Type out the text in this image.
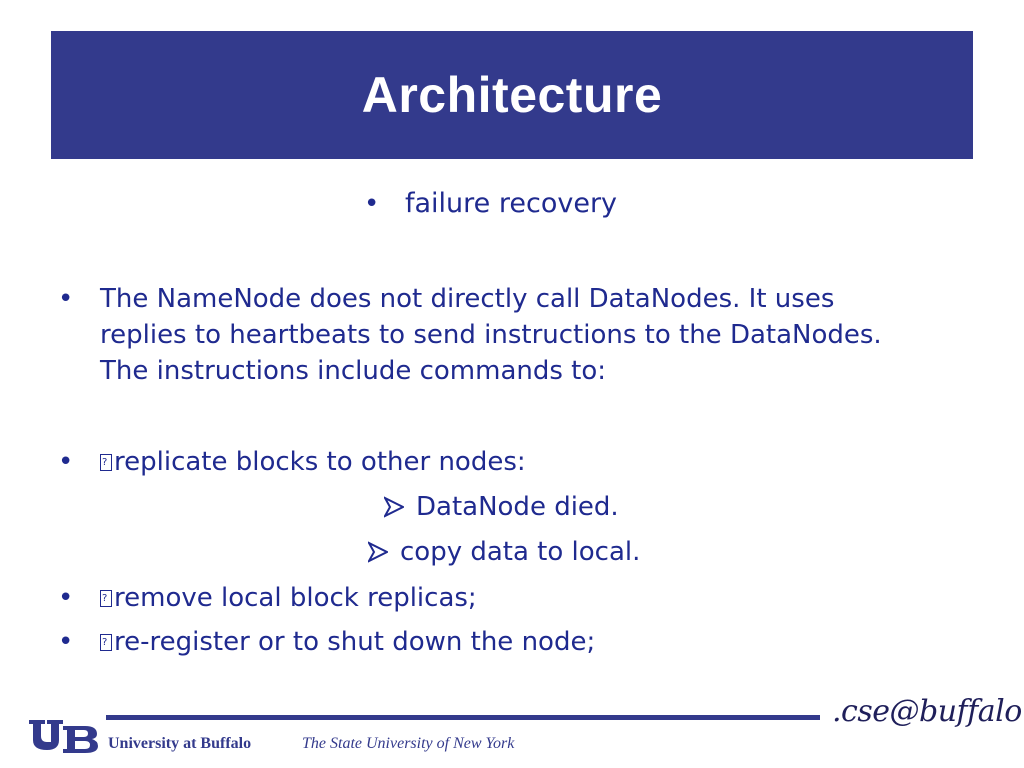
Architecture
• failure recovery
• The NameNode does not directly call DataNodes. It uses
replies to heartbeats to send instructions to the DataNodes.
The instructions include commands to:
• ?	replicate blocks to other nodes:
DataNode died.
copy data to local.
• ?	remove local block replicas;
• ?	re-register or to shut down the node;
University at Buffalo	The State University of New York
.cse@buffalo
